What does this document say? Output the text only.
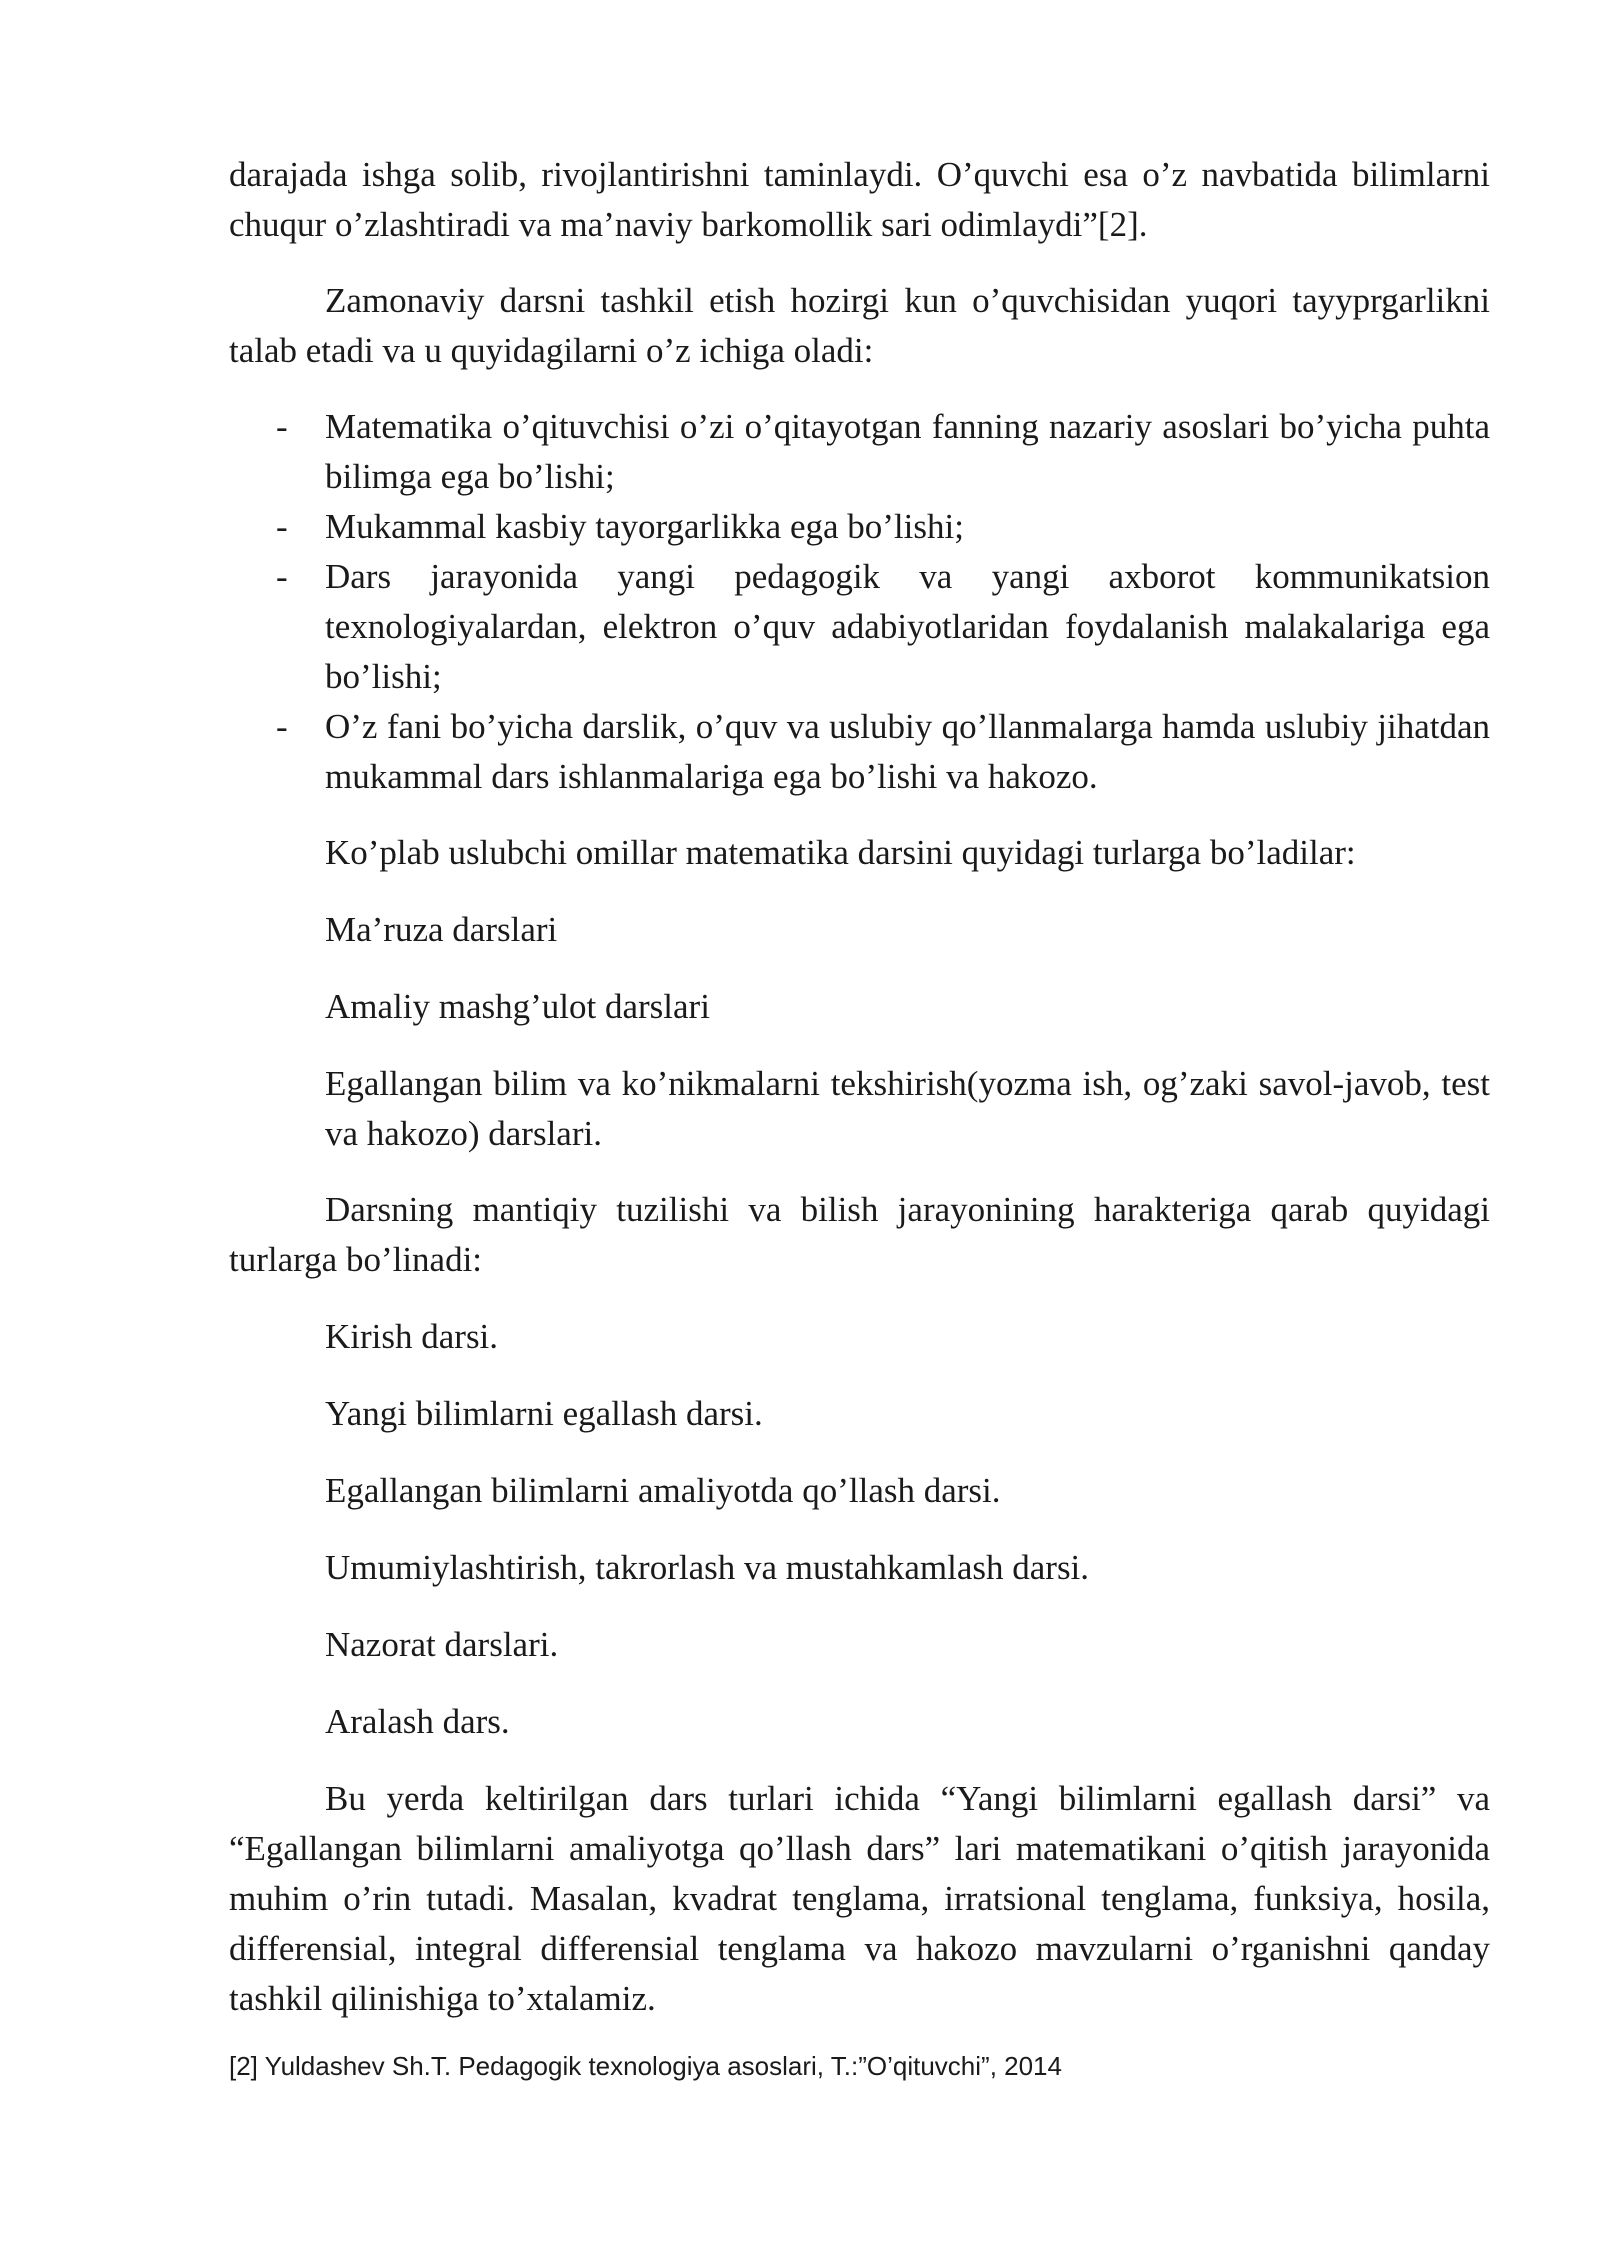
darajada ishga solib, rivojlantirishni taminlaydi. O’quvchi esa o’z navbatida bilimlarni chuqur o’zlashtiradi va ma’naviy barkomollik sari odimlaydi”[2].

Zamonaviy darsni tashkil etish hozirgi kun o’quvchisidan yuqori tayyprgarlikni talab etadi va u quyidagilarni o’z ichiga oladi:

- Matematika o’qituvchisi o’zi o’qitayotgan fanning nazariy asoslari bo’yicha puhta bilimga ega bo’lishi;

- Mukammal kasbiy tayorgarlikka ega bo’lishi;

- Dars jarayonida yangi pedagogik va yangi axborot kommunikatsion texnologiyalardan, elektron o’quv adabiyotlaridan foydalanish malakalariga ega bo’lishi;

- O’z fani bo’yicha darslik, o’quv va uslubiy qo’llanmalarga hamda uslubiy jihatdan mukammal dars ishlanmalariga ega bo’lishi va hakozo.

Ko’plab uslubchi omillar matematika darsini quyidagi turlarga bo’ladilar:

Ma’ruza darslari

Amaliy mashg’ulot darslari

Egallangan bilim va ko’nikmalarni tekshirish(yozma ish, og’zaki savol-javob, test va hakozo) darslari.

Darsning mantiqiy tuzilishi va bilish jarayonining harakteriga qarab quyidagi turlarga bo’linadi:

Kirish darsi.

Yangi bilimlarni egallash darsi.

Egallangan bilimlarni amaliyotda qo’llash darsi.

Umumiylashtirish, takrorlash va mustahkamlash darsi.

Nazorat darslari.

Aralash dars.

Bu yerda keltirilgan dars turlari ichida “Yangi bilimlarni egallash darsi” va “Egallangan bilimlarni amaliyotga qo’llash dars” lari matematikani o’qitish jarayonida muhim o’rin tutadi. Masalan, kvadrat tenglama, irratsional tenglama, funksiya, hosila, differensial, integral differensial tenglama va hakozo mavzularni o’rganishni qanday tashkil qilinishiga to’xtalamiz.

[2] Yuldashev Sh.T. Pedagogik texnologiya asoslari, T.:”O’qituvchi”, 2014
